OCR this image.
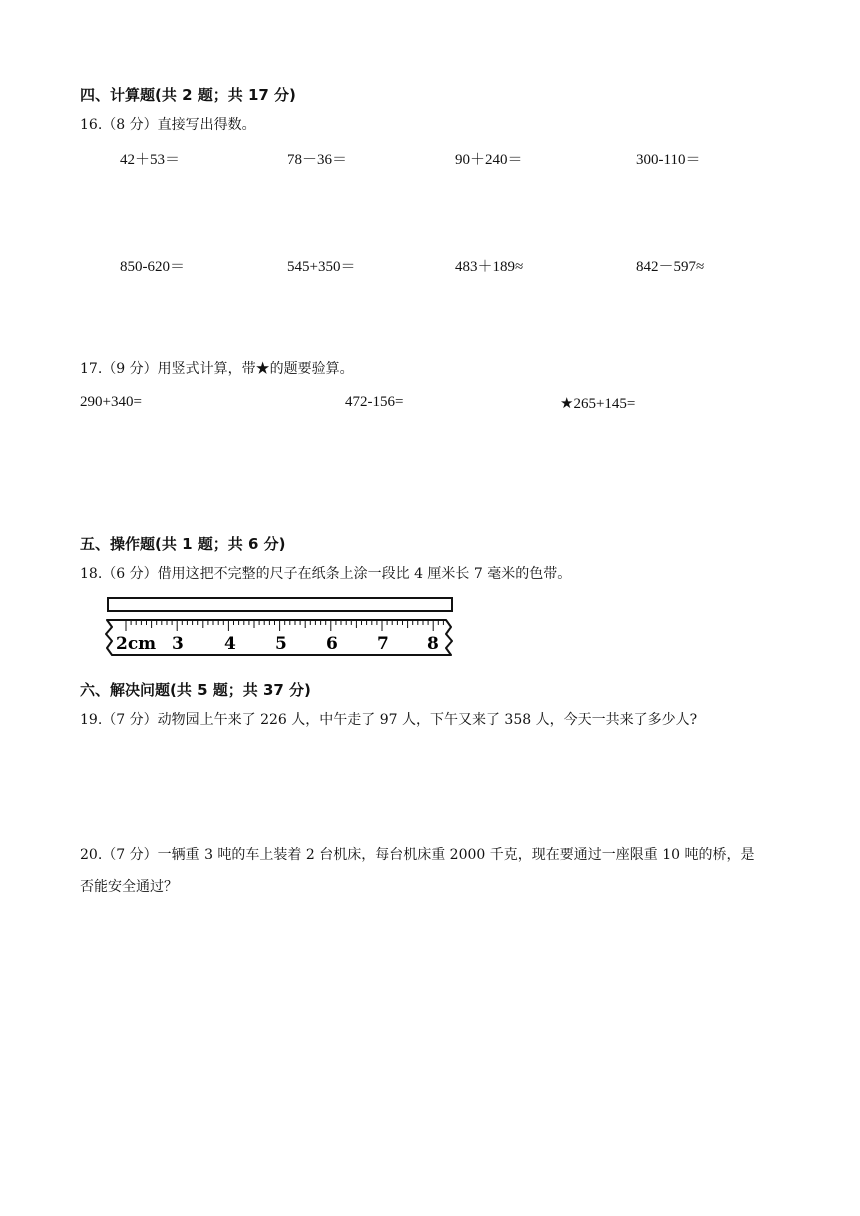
四、计算题(共 2 题；共 17 分)
16.（8 分）直接写出得数。
42＋53＝	78－36＝	90＋240＝	300-110＝
850-620＝	545+350＝	483＋189≈	842－597≈
17.（9 分）用竖式计算，带★的题要验算。
290+340=	472-156=	★265+145=
五、操作题(共 1 题；共 6 分)
18.（6 分）借用这把不完整的尺子在纸条上涂一段比 4 厘米长 7 毫米的色带。
2cm 3 4 5 6 7 8
六、解决问题(共 5 题；共 37 分)
19.（7 分）动物园上午来了 226 人，中午走了 97 人，下午又来了 358 人，今天一共来了多少人?
20.（7 分）一辆重 3 吨的车上装着 2 台机床，每台机床重 2000 千克，现在要通过一座限重 10 吨的桥，是
否能安全通过？
